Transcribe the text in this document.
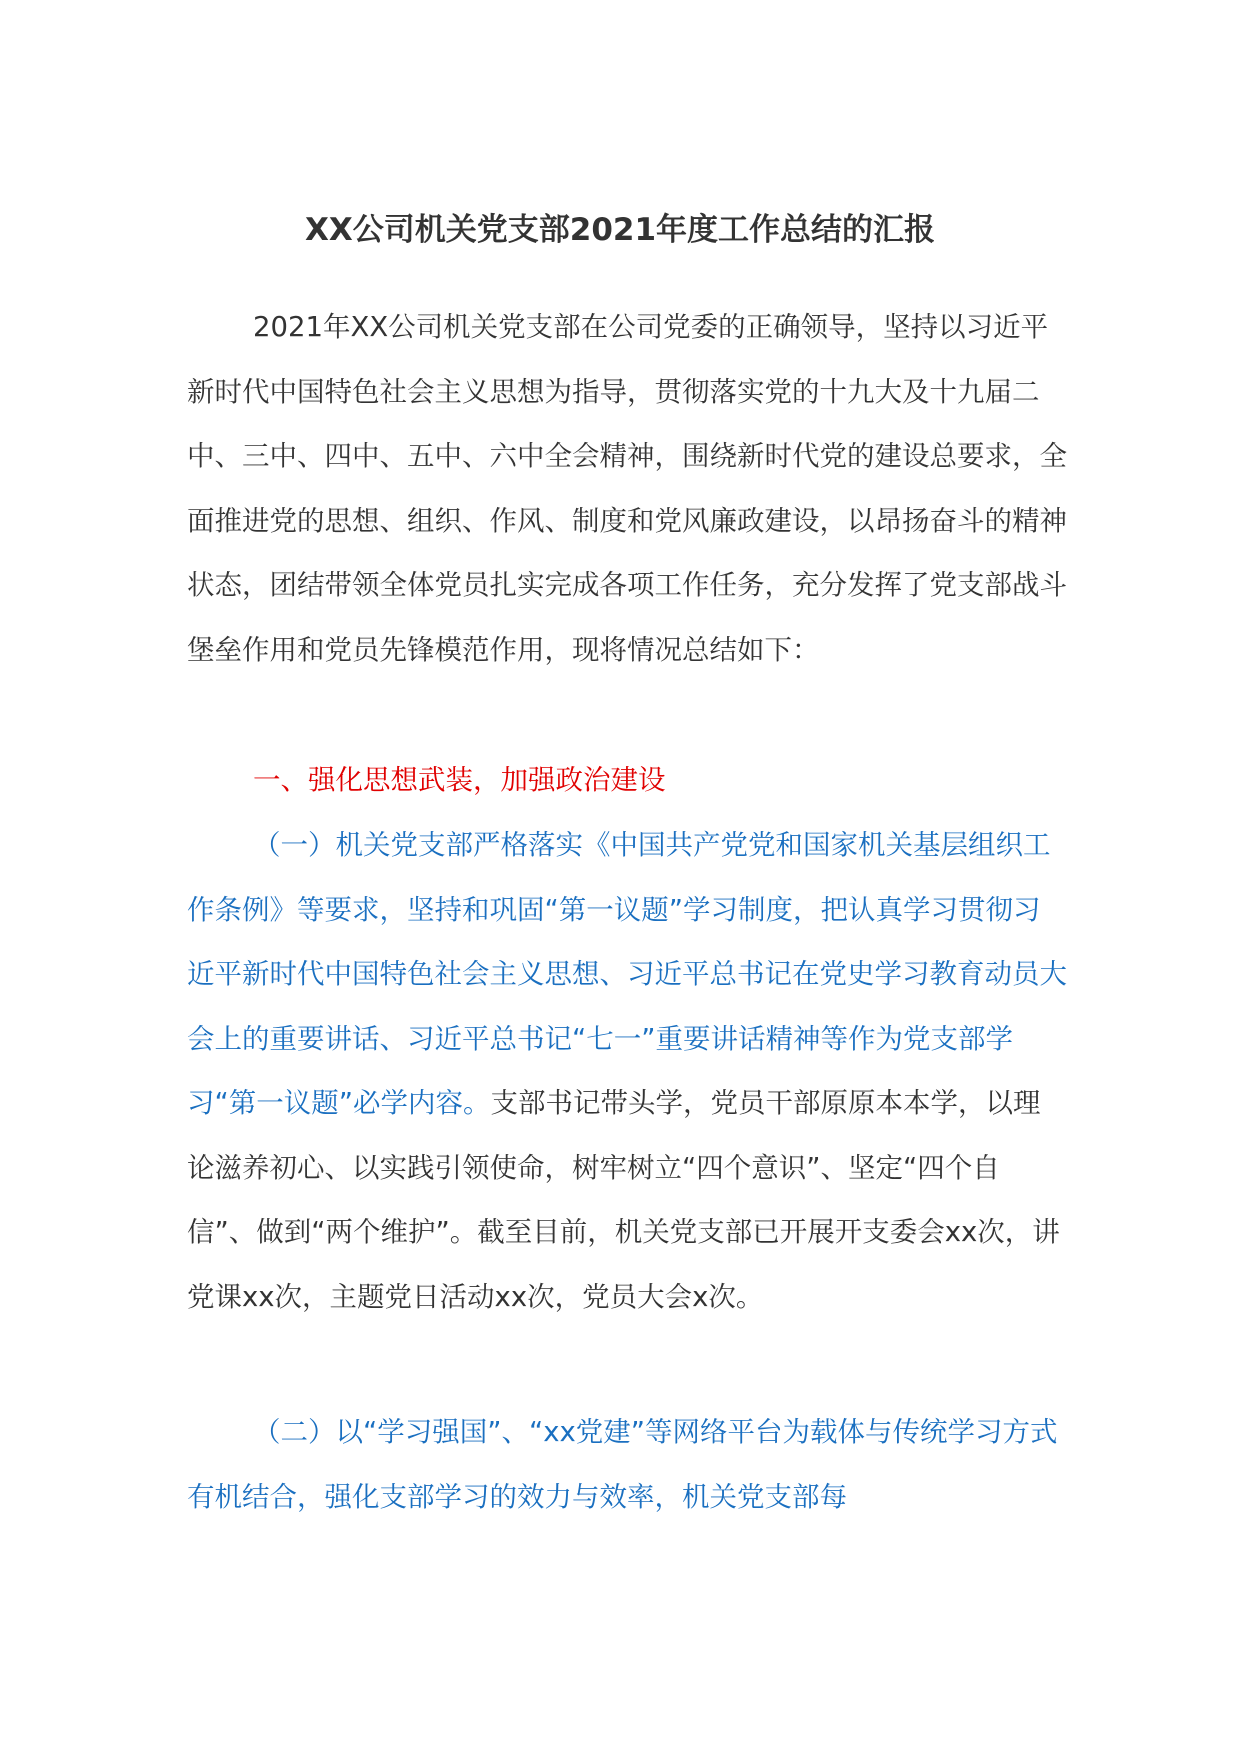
XX公司机关党支部2021年度工作总结的汇报

2021年XX公司机关党支部在公司党委的正确领导，坚持以习近平新时代中国特色社会主义思想为指导，贯彻落实党的十九大及十九届二中、三中、四中、五中、六中全会精神，围绕新时代党的建设总要求，全面推进党的思想、组织、作风、制度和党风廉政建设，以昂扬奋斗的精神状态，团结带领全体党员扎实完成各项工作任务，充分发挥了党支部战斗堡垒作用和党员先锋模范作用，现将情况总结如下：

一、强化思想武装，加强政治建设

（一）机关党支部严格落实《中国共产党党和国家机关基层组织工作条例》等要求，坚持和巩固“第一议题”学习制度，把认真学习贯彻习近平新时代中国特色社会主义思想、习近平总书记在党史学习教育动员大会上的重要讲话、习近平总书记“七一”重要讲话精神等作为党支部学习“第一议题”必学内容。支部书记带头学，党员干部原原本本学，以理论滋养初心、以实践引领使命，树牢树立“四个意识”、坚定“四个自信”、做到“两个维护”。截至目前，机关党支部已开展开支委会xx次，讲党课xx次，主题党日活动xx次，党员大会x次。

（二）以“学习强国”、“xx党建”等网络平台为载体与传统学习方式有机结合，强化支部学习的效力与效率，机关党支部每
